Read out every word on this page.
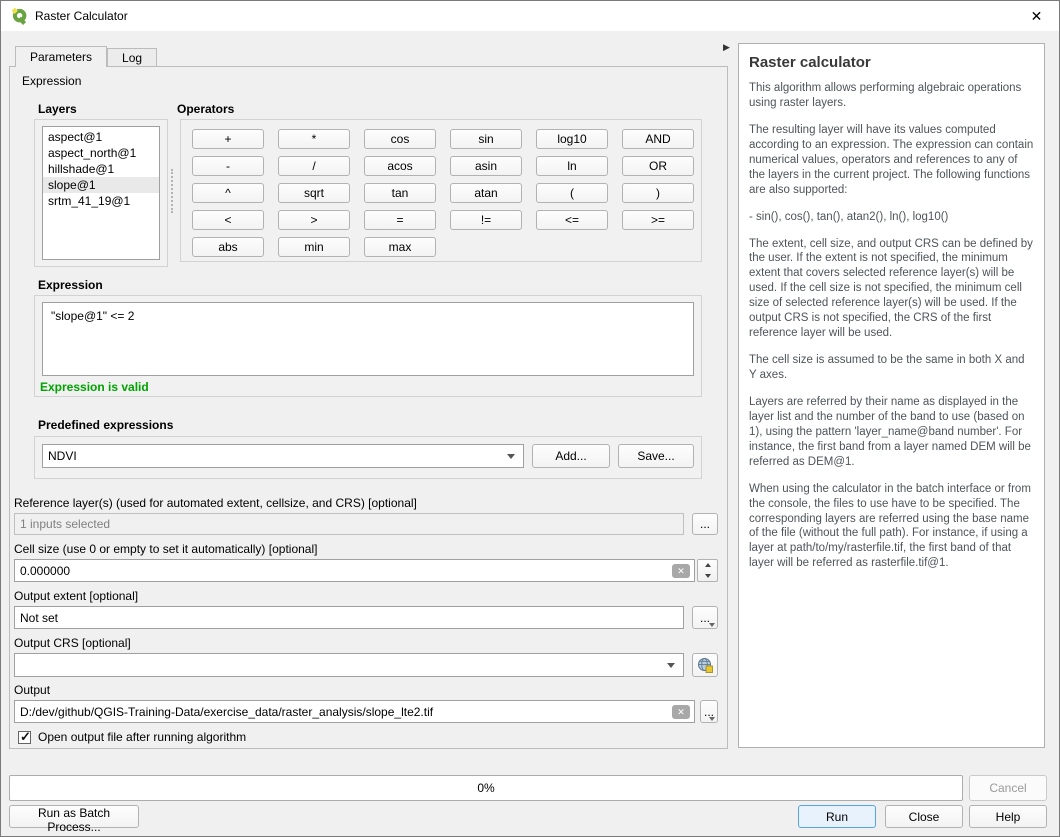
Raster Calculator	✕
Parameters	Log
Expression
Layers	Operators
aspect@1
aspect_north@1
hillshade@1
slope@1
srtm_41_19@1
+	*	cos	sin	log10	AND
-	/	acos	asin	ln	OR
^	sqrt	tan	atan	(	)
<	>	=	!=	<=	>=
abs	min	max
Expression
"slope@1" <= 2
Expression is valid
Predefined expressions
NDVI	Add...	Save...
Reference layer(s) (used for automated extent, cellsize, and CRS) [optional]
1 inputs selected	...
Cell size (use 0 or empty to set it automatically) [optional]
0.000000
✕
Output extent [optional]
Not set	...
Output CRS [optional]
Output
D:/dev/github/QGIS-Training-Data/exercise_data/raster_analysis/slope_lte2.tif
✕	...
✓
Open output file after running algorithm
▶
Raster calculator

This algorithm allows performing algebraic operations using raster layers.

The resulting layer will have its values computed according to an expression. The expression can contain numerical values, operators and references to any of the layers in the current project. The following functions are also supported:

- sin(), cos(), tan(), atan2(), ln(), log10()

The extent, cell size, and output CRS can be defined by the user. If the extent is not specified, the minimum extent that covers selected reference layer(s) will be used. If the cell size is not specified, the minimum cell size of selected reference layer(s) will be used. If the output CRS is not specified, the CRS of the first reference layer will be used.

The cell size is assumed to be the same in both X and Y axes.

Layers are referred by their name as displayed in the layer list and the number of the band to use (based on 1), using the pattern 'layer_name@band number'. For instance, the first band from a layer named DEM will be referred as DEM@1.

When using the calculator in the batch interface or from the console, the files to use have to be specified. The corresponding layers are referred using the base name of the file (without the full path). For instance, if using a layer at path/to/my/rasterfile.tif, the first band of that layer will be referred as rasterfile.tif@1.

0%	Cancel
Run as Batch Process...
Run	Close	Help
